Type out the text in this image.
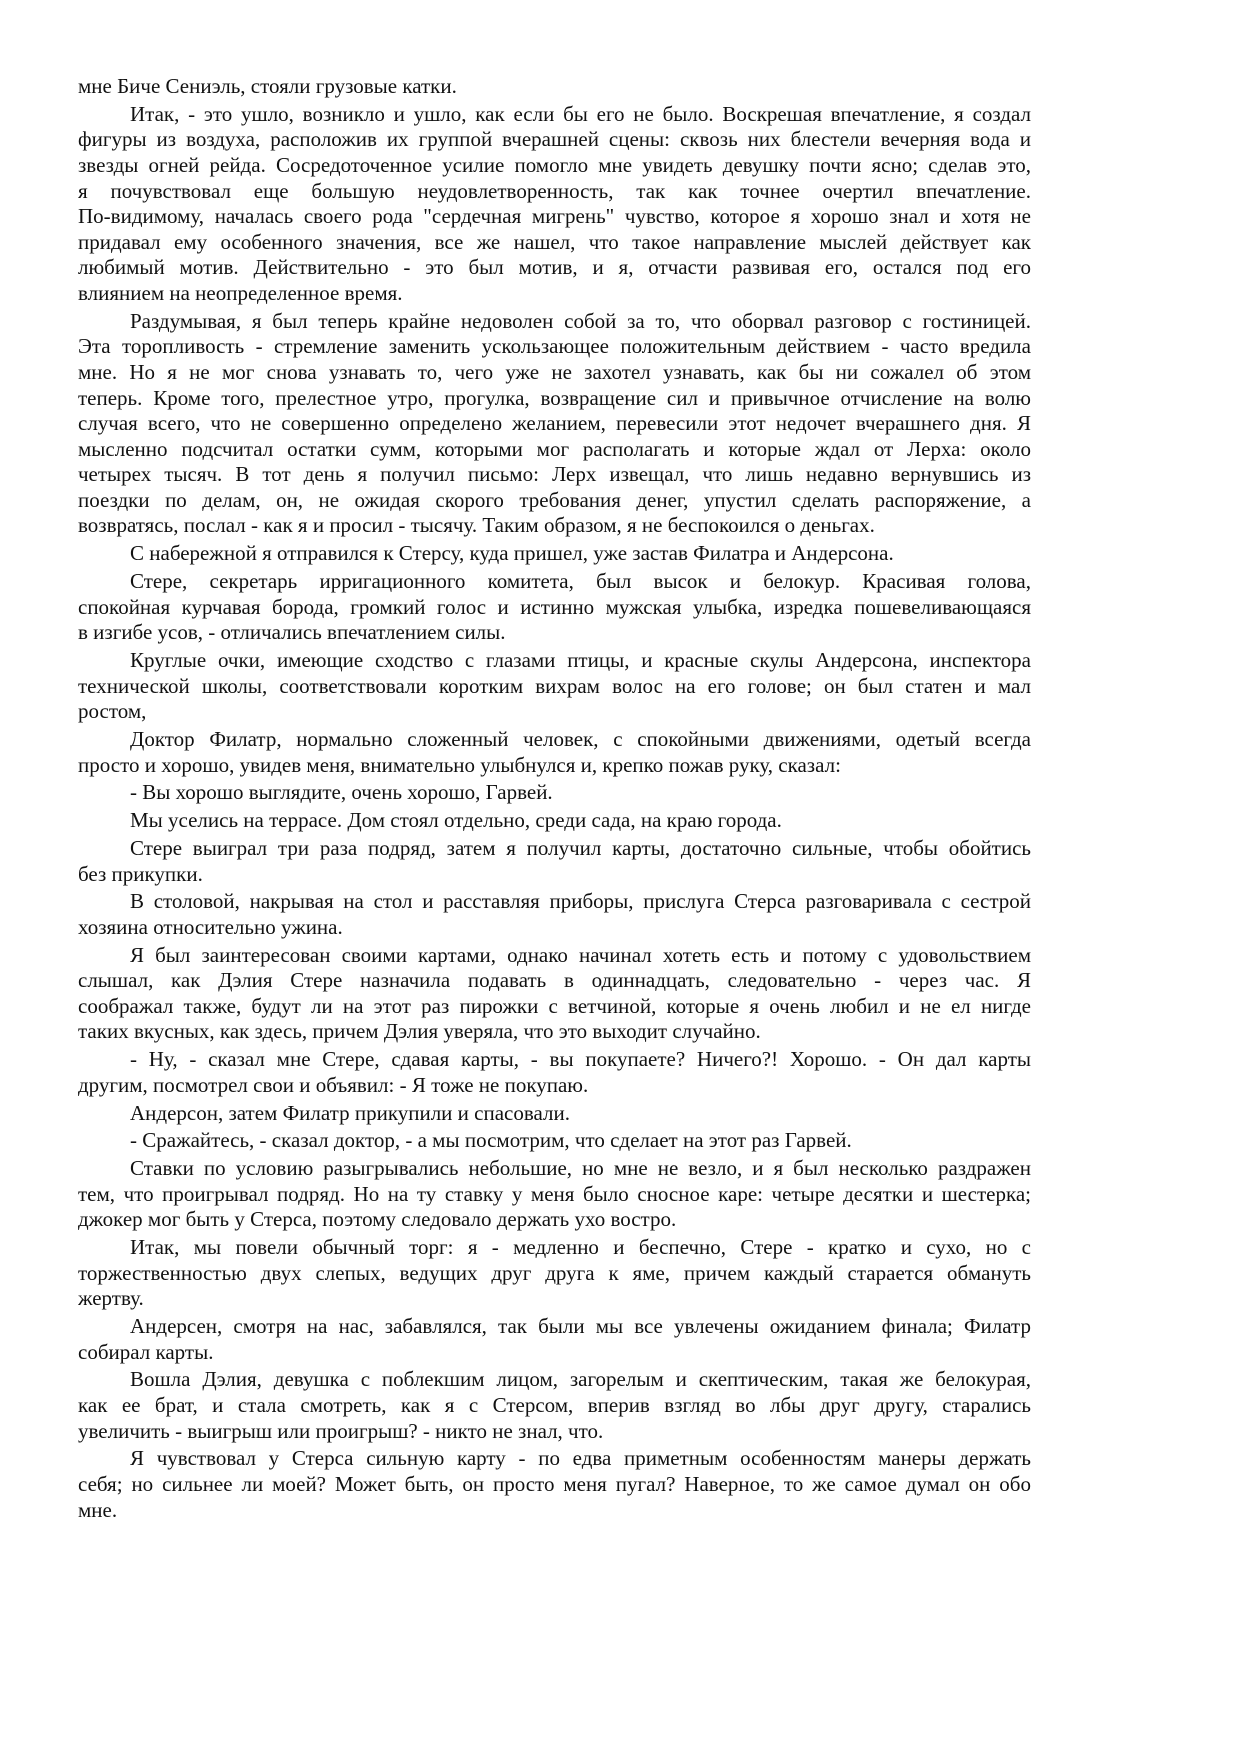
мне Биче Сениэль, стояли грузовые катки.
Итак, - это ушло, возникло и ушло, как если бы его не было. Воскрешая впечатление, я создал
фигуры из воздуха, расположив их группой вчерашней сцены: сквозь них блестели вечерняя вода и
звезды огней рейда. Сосредоточенное усилие помогло мне увидеть девушку почти ясно; сделав это,
я почувствовал еще большую неудовлетворенность, так как точнее очертил впечатление.
По-видимому, началась своего рода "сердечная мигрень" чувство, которое я хорошо знал и хотя не
придавал ему особенного значения, все же нашел, что такое направление мыслей действует как
любимый мотив. Действительно - это был мотив, и я, отчасти развивая его, остался под его
влиянием на неопределенное время.
Раздумывая, я был теперь крайне недоволен собой за то, что оборвал разговор с гостиницей.
Эта торопливость - стремление заменить ускользающее положительным действием - часто вредила
мне. Но я не мог снова узнавать то, чего уже не захотел узнавать, как бы ни сожалел об этом
теперь. Кроме того, прелестное утро, прогулка, возвращение сил и привычное отчисление на волю
случая всего, что не совершенно определено желанием, перевесили этот недочет вчерашнего дня. Я
мысленно подсчитал остатки сумм, которыми мог располагать и которые ждал от Лерха: около
четырех тысяч. В тот день я получил письмо: Лерх извещал, что лишь недавно вернувшись из
поездки по делам, он, не ожидая скорого требования денег, упустил сделать распоряжение, а
возвратясь, послал - как я и просил - тысячу. Таким образом, я не беспокоился о деньгах.
С набережной я отправился к Стерсу, куда пришел, уже застав Филатра и Андерсона.
Стере, секретарь ирригационного комитета, был высок и белокур. Красивая голова,
спокойная курчавая борода, громкий голос и истинно мужская улыбка, изредка пошевеливающаяся
в изгибе усов, - отличались впечатлением силы.
Круглые очки, имеющие сходство с глазами птицы, и красные скулы Андерсона, инспектора
технической школы, соответствовали коротким вихрам волос на его голове; он был статен и мал
ростом,
Доктор Филатр, нормально сложенный человек, с спокойными движениями, одетый всегда
просто и хорошо, увидев меня, внимательно улыбнулся и, крепко пожав руку, сказал:
- Вы хорошо выглядите, очень хорошо, Гарвей.
Мы уселись на террасе. Дом стоял отдельно, среди сада, на краю города.
Стере выиграл три раза подряд, затем я получил карты, достаточно сильные, чтобы обойтись
без прикупки.
В столовой, накрывая на стол и расставляя приборы, прислуга Стерса разговаривала с сестрой
хозяина относительно ужина.
Я был заинтересован своими картами, однако начинал хотеть есть и потому с удовольствием
слышал, как Дэлия Стере назначила подавать в одиннадцать, следовательно - через час. Я
соображал также, будут ли на этот раз пирожки с ветчиной, которые я очень любил и не ел нигде
таких вкусных, как здесь, причем Дэлия уверяла, что это выходит случайно.
- Ну, - сказал мне Стере, сдавая карты, - вы покупаете? Ничего?! Хорошо. - Он дал карты
другим, посмотрел свои и объявил: - Я тоже не покупаю.
Андерсон, затем Филатр прикупили и спасовали.
- Сражайтесь, - сказал доктор, - а мы посмотрим, что сделает на этот раз Гарвей.
Ставки по условию разыгрывались небольшие, но мне не везло, и я был несколько раздражен
тем, что проигрывал подряд. Но на ту ставку у меня было сносное каре: четыре десятки и шестерка;
джокер мог быть у Стерса, поэтому следовало держать ухо востро.
Итак, мы повели обычный торг: я - медленно и беспечно, Стере - кратко и сухо, но с
торжественностью двух слепых, ведущих друг друга к яме, причем каждый старается обмануть
жертву.
Андерсен, смотря на нас, забавлялся, так были мы все увлечены ожиданием финала; Филатр
собирал карты.
Вошла Дэлия, девушка с поблекшим лицом, загорелым и скептическим, такая же белокурая,
как ее брат, и стала смотреть, как я с Стерсом, вперив взгляд во лбы друг другу, старались
увеличить - выигрыш или проигрыш? - никто не знал, что.
Я чувствовал у Стерса сильную карту - по едва приметным особенностям манеры держать
себя; но сильнее ли моей? Может быть, он просто меня пугал? Наверное, то же самое думал он обо
мне.
